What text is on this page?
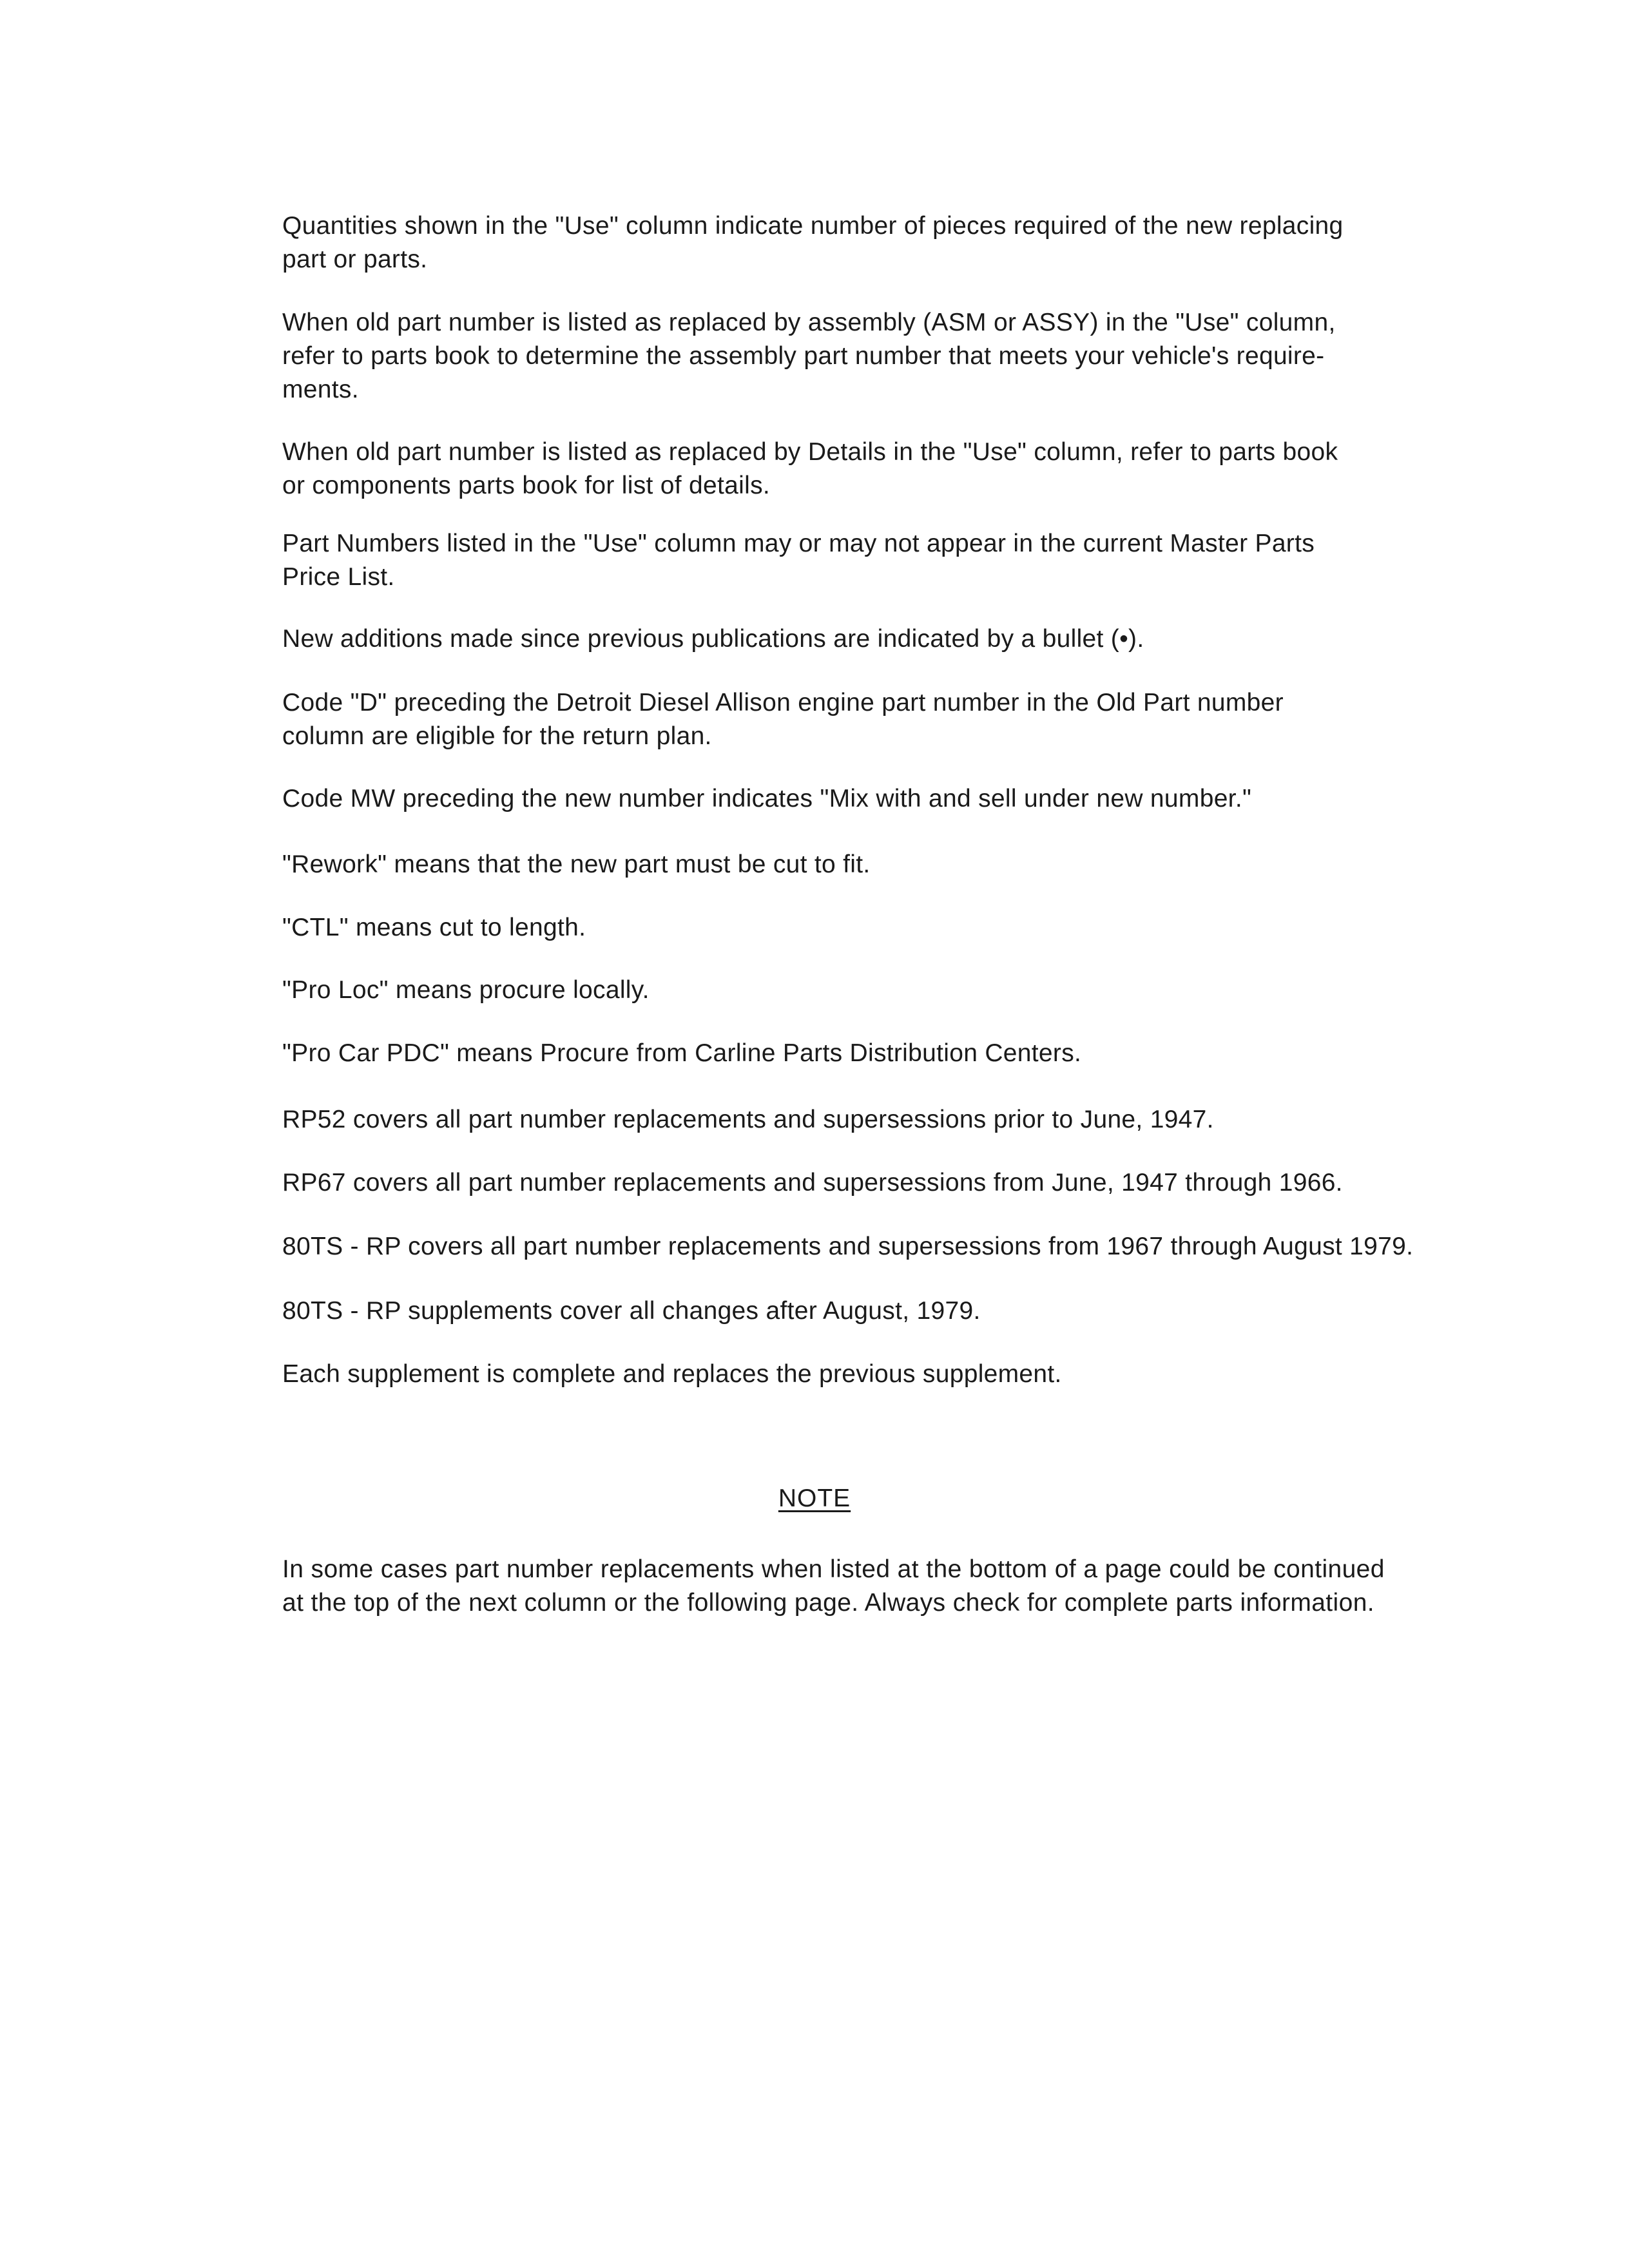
Quantities shown in the "Use" column indicate number of pieces required of the new replacing
part or parts.
When old part number is listed as replaced by assembly (ASM or ASSY) in the "Use" column,
refer to parts book to determine the assembly part number that meets your vehicle's require-
ments.
When old part number is listed as replaced by Details in the "Use" column, refer to parts book
or components parts book for list of details.
Part Numbers listed in the "Use" column may or may not appear in the current Master Parts
Price List.
New additions made since previous publications are indicated by a bullet (•).
Code "D" preceding the Detroit Diesel Allison engine part number in the Old Part number
column are eligible for the return plan.
Code MW preceding the new number indicates "Mix with and sell under new number."
"Rework" means that the new part must be cut to fit.
"CTL" means cut to length.
"Pro Loc" means procure locally.
"Pro Car PDC" means Procure from Carline Parts Distribution Centers.
RP52 covers all part number replacements and supersessions prior to June, 1947.
RP67 covers all part number replacements and supersessions from June, 1947 through 1966.
80TS - RP covers all part number replacements and supersessions from 1967 through August 1979.
80TS - RP supplements cover all changes after August, 1979.
Each supplement is complete and replaces the previous supplement.
NOTE
In some cases part number replacements when listed at the bottom of a page could be continued
at the top of the next column or the following page. Always check for complete parts information.
